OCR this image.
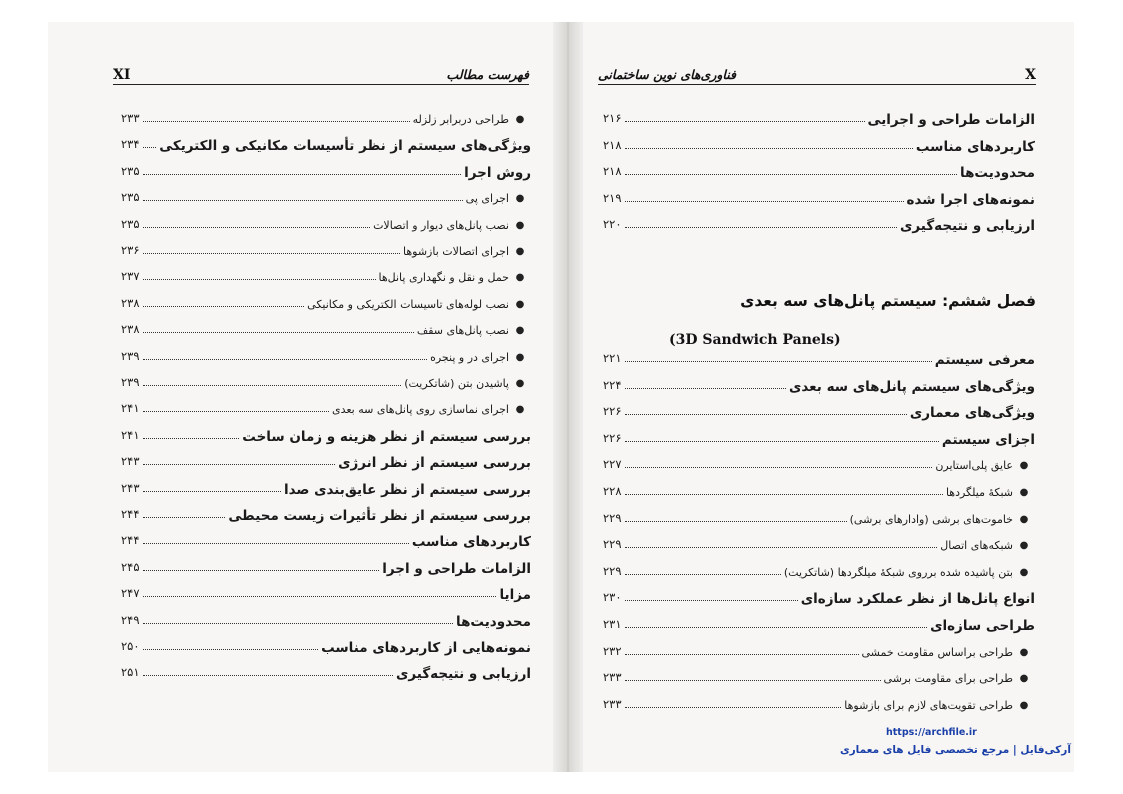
XI	فهرست مطالب
●
طراحی دربرابر زلزله
۲۳۳
ویژگی‌های سیستم از نظر تأسیسات مکانیکی و الکتریکی
۲۳۴
روش اجرا
۲۳۵
●
اجرای پی
۲۳۵
●
نصب پانل‌های دیوار و اتصالات
۲۳۵
●
اجرای اتصالات بازشوها
۲۳۶
●
حمل و نقل و نگهداری پانل‌ها
۲۳۷
●
نصب لوله‌های تاسیسات الکتریکی و مکانیکی
۲۳۸
●
نصب پانل‌های سقف
۲۳۸
●
اجرای در و پنجره
۲۳۹
●
پاشیدن بتن (شاتکریت)
۲۳۹
●
اجرای نماسازی روی پانل‌های سه بعدی
۲۴۱
بررسی سیستم از نظر هزینه و زمان ساخت
۲۴۱
بررسی سیستم از نظر انرژی
۲۴۳
بررسی سیستم از نظر عایق‌بندی صدا
۲۴۳
بررسی سیستم از نظر تأثیرات زیست محیطی
۲۴۴
کاربردهای مناسب
۲۴۴
الزامات طراحی و اجرا
۲۴۵
مزایا
۲۴۷
محدودیت‌ها
۲۴۹
نمونه‌هایی از کاربردهای مناسب
۲۵۰
ارزیابی و نتیجه‌گیری
۲۵۱
فناوری‌های نوین ساختمانی	X
الزامات طراحی و اجرایی
۲۱۶
کاربردهای مناسب
۲۱۸
محدودیت‌ها
۲۱۸
نمونه‌های اجرا شده
۲۱۹
ارزیابی و نتیجه‌گیری
۲۲۰
فصل ششم: سیستم پانل‌های سه بعدی
(3D Sandwich Panels)
معرفی سیستم
۲۲۱
ویژگی‌های سیستم پانل‌های سه بعدی
۲۲۴
ویژگی‌های معماری
۲۲۶
اجزای سیستم
۲۲۶
●
عایق پلی‌استایرن
۲۲۷
●
شبکهٔ میلگردها
۲۲۸
●
خاموت‌های برشی (وادارهای برشی)
۲۲۹
●
شبکه‌های اتصال
۲۲۹
●
بتن پاشیده شده برروی شبکهٔ میلگردها (شاتکریت)
۲۲۹
انواع پانل‌ها از نظر عملکرد سازه‌ای
۲۳۰
طراحی سازه‌ای
۲۳۱
●
طراحی براساس مقاومت خمشی
۲۳۲
●
طراحی برای مقاومت برشی
۲۳۳
●
طراحی تقویت‌های لازم برای بازشوها
۲۳۳
https://archfile.ir
آرکی‌فایل | مرجع تخصصی فایل های معماری
